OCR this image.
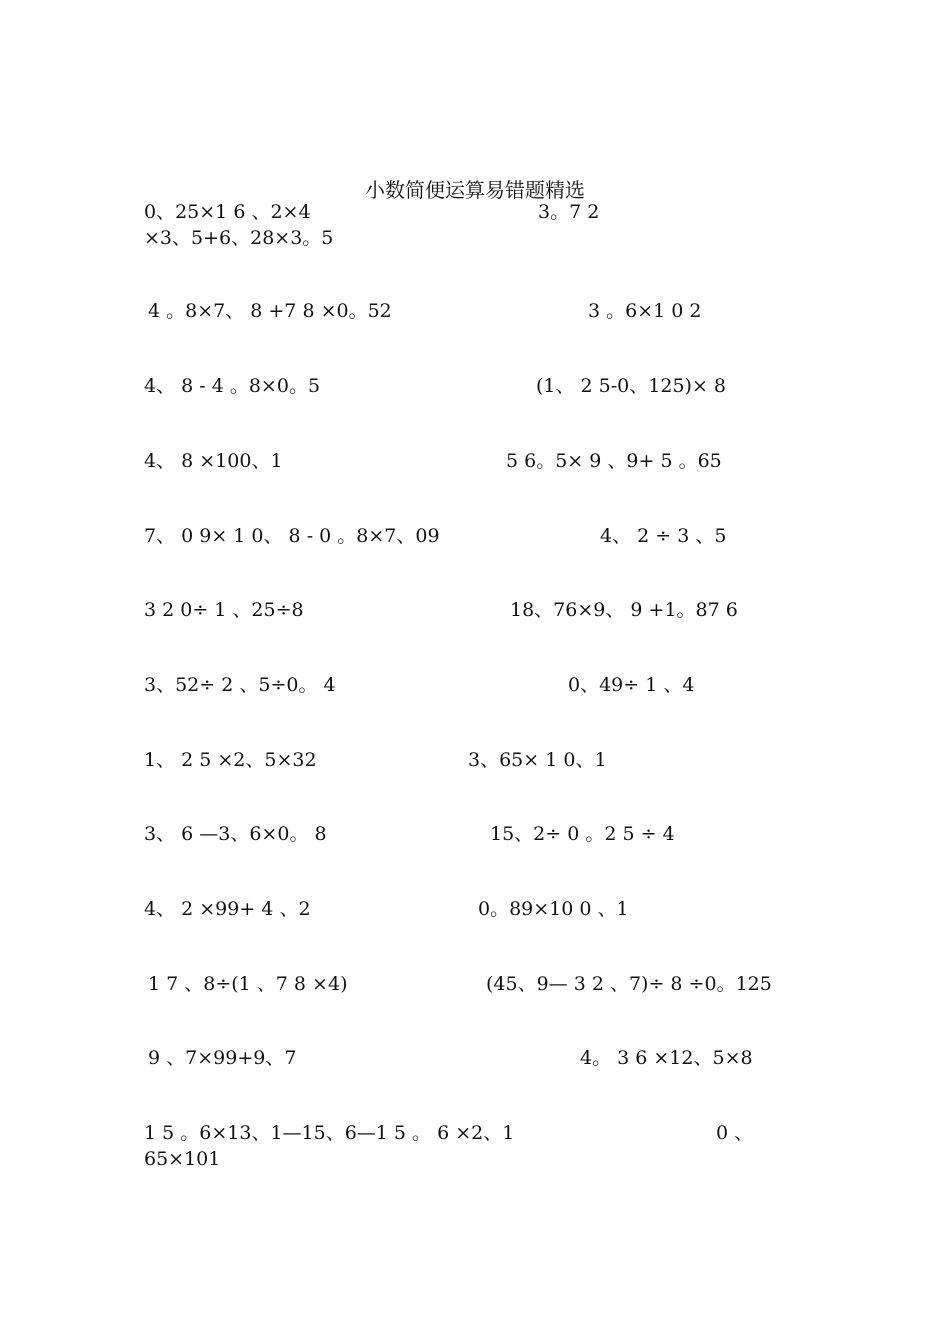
小数简便运算易错题精选
0、25×1 6 、2×4	3。7 2
×3、5+6、28×3。5
4 。8×7、 8 +7 8 ×0。52	3 。6×1 0 2
4、 8 - 4 。8×0。5	(1、 2 5-0、125)× 8
4、 8 ×100、1	5 6。5× 9 、9+ 5 。65
7、 0 9× 1 0、 8 - 0 。8×7、09	4、 2 ÷ 3 、5
3 2 0÷ 1 、25÷8	18、76×9、 9 +1。87 6
3、52÷ 2 、5÷0。 4	0、49÷ 1 、4
1、 2 5 ×2、5×32	3、65× 1 0、1
3、 6 —3、6×0。 8	15、2÷ 0 。2 5 ÷ 4
4、 2 ×99+ 4 、2	0。89×10 0 、1
1 7 、8÷(1 、7 8 ×4)	(45、9— 3 2 、7)÷ 8 ÷0。125
9 、7×99+9、7	4。 3 6 ×12、5×8
1 5 。6×13、1—15、6—1 5 。 6 ×2、1	0 、
65×101
